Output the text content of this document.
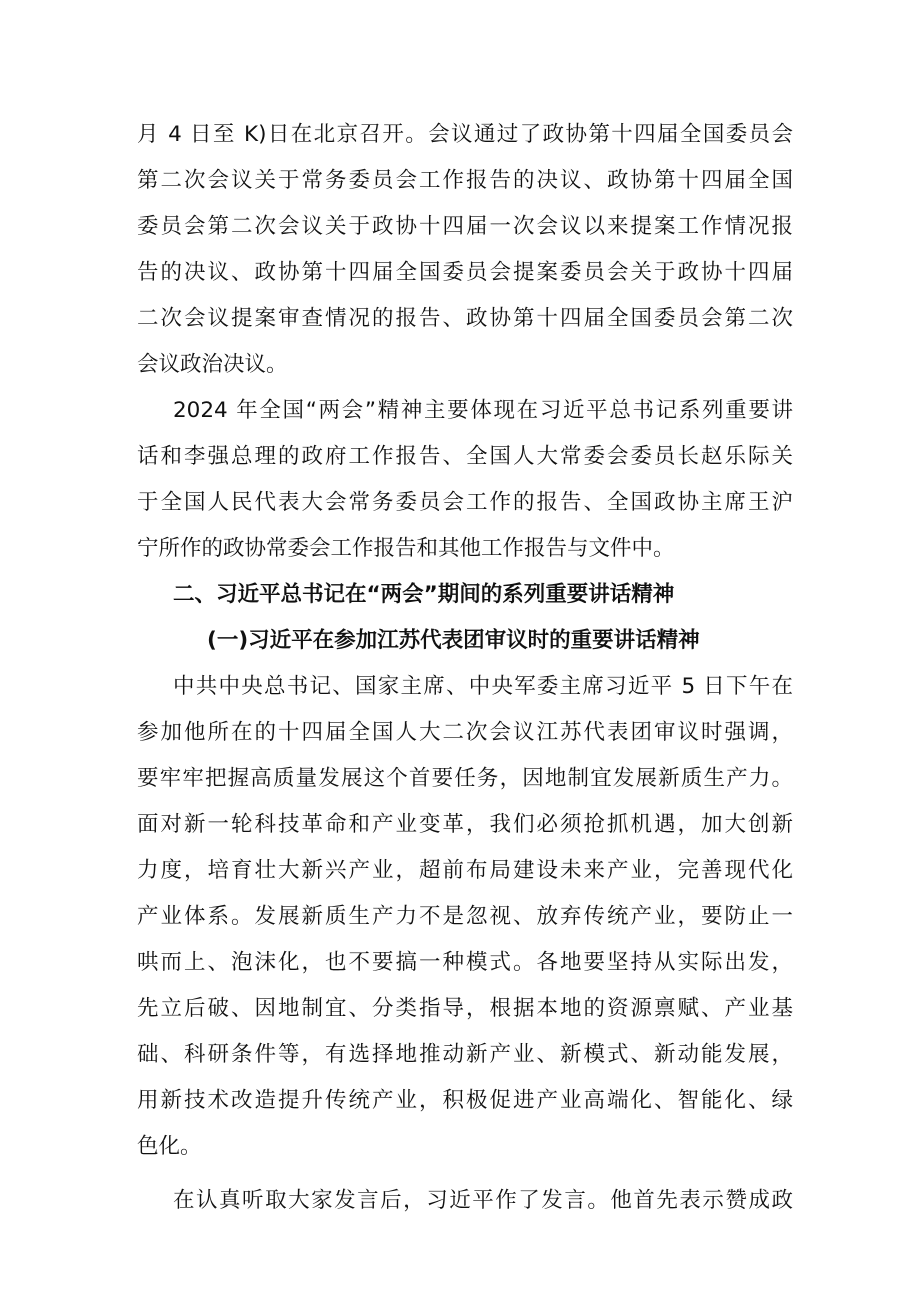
月 4 日至 K)日在北京召开。会议通过了政协第十四届全国委员会
第二次会议关于常务委员会工作报告的决议、政协第十四届全国
委员会第二次会议关于政协十四届一次会议以来提案工作情况报
告的决议、政协第十四届全国委员会提案委员会关于政协十四届
二次会议提案审查情况的报告、政协第十四届全国委员会第二次
会议政治决议。
2024 年全国“两会”精神主要体现在习近平总书记系列重要讲
话和李强总理的政府工作报告、全国人大常委会委员长赵乐际关
于全国人民代表大会常务委员会工作的报告、全国政协主席王沪
宁所作的政协常委会工作报告和其他工作报告与文件中。
二、习近平总书记在“两会”期间的系列重要讲话精神
(一)习近平在参加江苏代表团审议时的重要讲话精神
中共中央总书记、国家主席、中央军委主席习近平 5 日下午在
参加他所在的十四届全国人大二次会议江苏代表团审议时强调，
要牢牢把握高质量发展这个首要任务，因地制宜发展新质生产力。
面对新一轮科技革命和产业变革，我们必须抢抓机遇，加大创新
力度，培育壮大新兴产业，超前布局建设未来产业，完善现代化
产业体系。发展新质生产力不是忽视、放弃传统产业，要防止一
哄而上、泡沫化，也不要搞一种模式。各地要坚持从实际出发，
先立后破、因地制宜、分类指导，根据本地的资源禀赋、产业基
础、科研条件等，有选择地推动新产业、新模式、新动能发展，
用新技术改造提升传统产业，积极促进产业高端化、智能化、绿
色化。
在认真听取大家发言后，习近平作了发言。他首先表示赞成政
